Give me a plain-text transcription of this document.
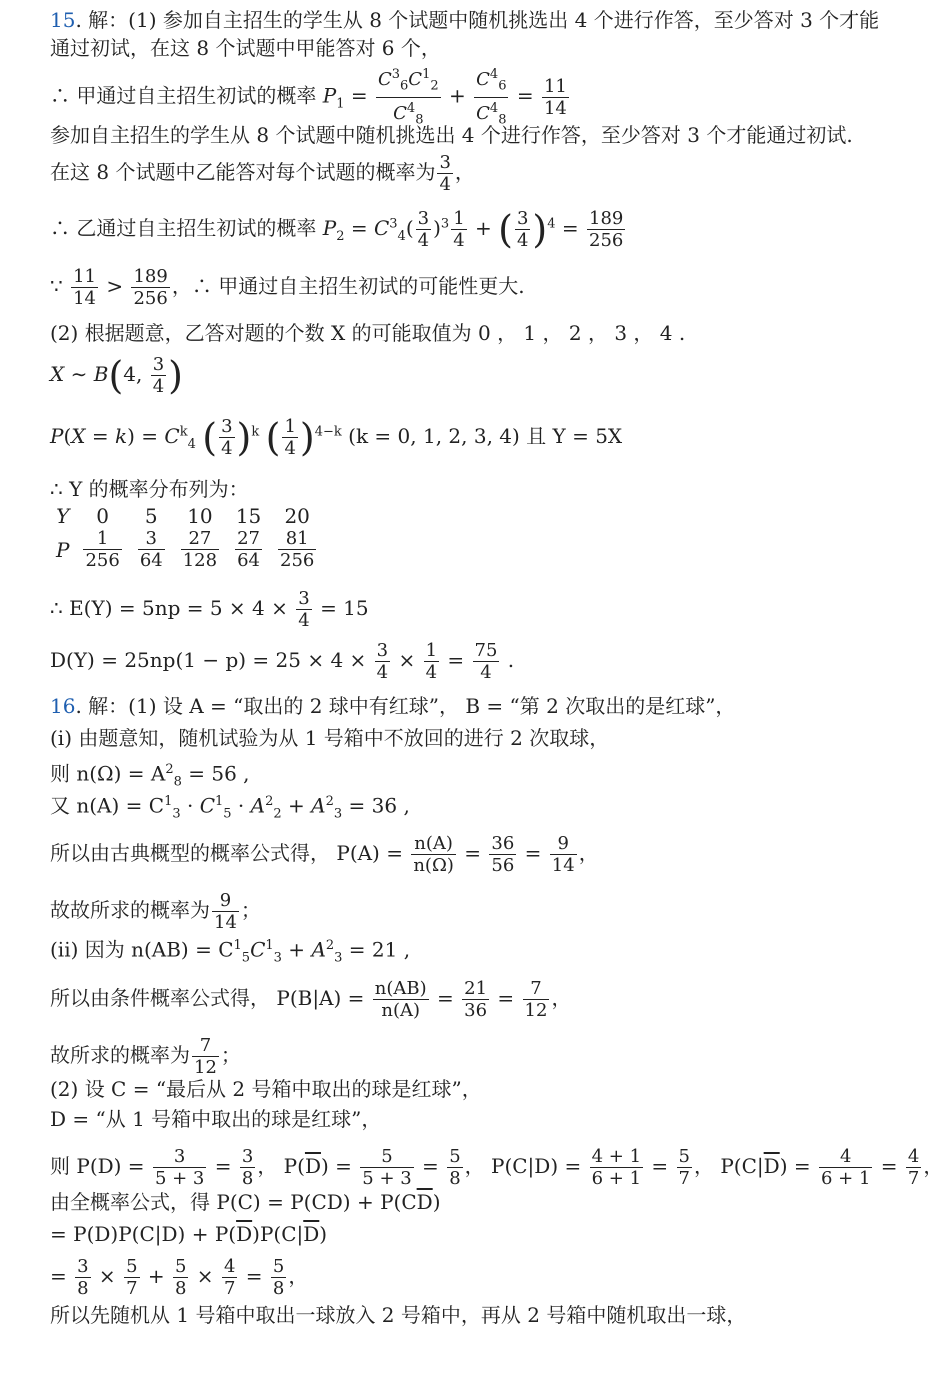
15. 解：(1) 参加自主招生的学生从 8 个试题中随机挑选出 4 个进行作答，至少答对 3 个才能
通过初试，在这 8 个试题中甲能答对 6 个，
∴ 甲通过自主招生初试的概率 $P_1 = \frac{C^3_6C^1_2}{C^4_8} + \frac{C^4_6}{C^4_8} = \frac{11}{14}$
参加自主招生的学生从 8 个试题中随机挑选出 4 个进行作答，至少答对 3 个才能通过初试.
在这 8 个试题中乙能答对每个试题的概率为 $\frac{3}{4}$ ，
∴ 乙通过自主招生初试的概率 $P_2 = C^3_4( \frac{3}{4} )^3 \frac{1}{4}$ + ( $\frac{3}{4} )^4 = \frac{189}{256}$
∵ $\frac{11}{14} > \frac{189}{256}$ ，∴ 甲通过自主招生初试的可能性更大.
(2) 根据题意，乙答对题的个数 X 的可能取值为 0 ， 1 ， 2 ， 3 ， 4 .
X ∼ B(4, $\frac{3}{4}$ )
$P(X = k) = C^k_4$ ( $\frac{3}{4} )^k$ ( $\frac{1}{4} )^{4-k}$ (k = 0, 1, 2, 3, 4) 且 Y = 5X
∴ Y 的概率分布列为：
Y	0	5	10	15	20
P	$\frac{1}{256}$	$\frac{3}{64}$	$\frac{27}{128}$	$\frac{27}{64}$	$\frac{81}{256}$
∴ $E(Y) = 5np = 5 \times 4 \times \frac{3}{4} = 15$
$D(Y) = 25np(1 - p) = 25 \times 4 \times \frac{3}{4} \times \frac{1}{4} = \frac{75}{4}$ .
16. 解：(1) 设 A = “取出的 2 球中有红球”， B = “第 2 次取出的是红球”，
(i) 由题意知，随机试验为从 1 号箱中不放回的进行 2 次取球，
则 $n(\Omega) = A^2_8 = 56$ ,
又 $n(A) = C^1_3 \cdot C^1_5 \cdot A^2_2 + A^2_3 = 36$ ,
所以由古典概型的概率公式得， $P(A) = \frac{n(A)}{n(\Omega)} = \frac{36}{56} = \frac{9}{14}$ ，
故故所求的概率为 $\frac{9}{14}$ ；
(ii) 因为 $n(AB) = C^1_5C^1_3 + A^2_3 = 21$ ,
所以由条件概率公式得， $P(B|A) = \frac{n(AB)}{n(A)} = \frac{21}{36} = \frac{7}{12}$ ，
故所求的概率为 $\frac{7}{12}$ ；
(2) 设 C = “最后从 2 号箱中取出的球是红球”，
D = “从 1 号箱中取出的球是红球”，
则 $P(D) = \frac{3}{5 + 3} = \frac{3}{8}$ ， $P(\overline{D}) = \frac{5}{5 + 3} = \frac{5}{8}$ ， $P(C|D) = \frac{4 + 1}{6 + 1} = \frac{5}{7}$ ， $P(C|\overline{D}) = \frac{4}{6 + 1} = \frac{4}{7}$ ，
由全概率公式，得 $P(C) = P(CD) + P(C\overline{D})$
= $P(D)P(C|D) + P(\overline{D})P(C|\overline{D})$
= $\frac{3}{8} \times \frac{5}{7} + \frac{5}{8} \times \frac{4}{7} = \frac{5}{8}$ ，
所以先随机从 1 号箱中取出一球放入 2 号箱中，再从 2 号箱中随机取出一球，
